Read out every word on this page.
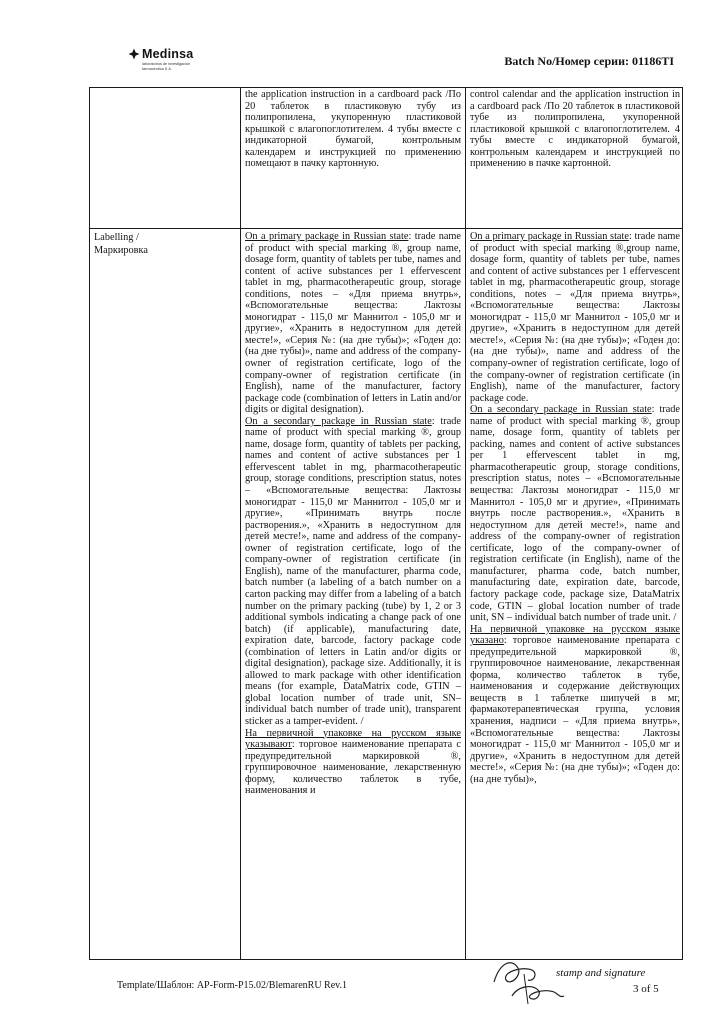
Medinsa
laboratorios de investigación farmacéutica S.A.
Batch No/Номер серии: 01186TI

the application instruction in a cardboard pack /По 20 таблеток в пластиковую тубу из полипропилена, укупоренную пластиковой крышкой с влагопоглотителем. 4 тубы вместе с индикаторной бумагой, контрольным календарем и инструкцией по применению помещают в пачку картонную.

control calendar and the application instruction in a cardboard pack /По 20 таблеток в пластиковой тубе из полипропилена, укупоренной пластиковой крышкой с влагопоглотителем. 4 тубы вместе с индикаторной бумагой, контрольным календарем и инструкцией по применению в пачке картонной.

Labelling /
Маркировка

On a primary package in Russian state: trade name of product with special marking ®, group name, dosage form, quantity of tablets per tube, names and content of active substances per 1 effervescent tablet in mg, pharmacotherapeutic group, storage conditions, notes – «Для приема внутрь», «Вспомогательные вещества: Лактозы моногидрат - 115,0 мг Маннитол - 105,0 мг и другие», «Хранить в недоступном для детей месте!», «Серия №: (на дне тубы)»; «Годен до: (на дне тубы)», name and address of the company-owner of registration certificate, logo of the company-owner of registration certificate (in English), name of the manufacturer, factory package code (combination of letters in Latin and/or digits or digital designation).

On a secondary package in Russian state: trade name of product with special marking ®, group name, dosage form, quantity of tablets per packing, names and content of active substances per 1 effervescent tablet in mg, pharmacotherapeutic group, storage conditions, prescription status, notes – «Вспомогательные вещества: Лактозы моногидрат - 115,0 мг Маннитол - 105,0 мг и другие», «Принимать внутрь после растворения.», «Хранить в недоступном для детей месте!», name and address of the company-owner of registration certificate, logo of the company-owner of registration certificate (in English), name of the manufacturer, pharma code, batch number (a labeling of a batch number on a carton packing may differ from a labeling of a batch number on the primary packing (tube) by 1, 2 or 3 additional symbols indicating a change pack of one batch) (if applicable), manufacturing date, expiration date, barcode, factory package code (combination of letters in Latin and/or digits or digital designation), package size. Additionally, it is allowed to mark package with other identification means (for example, DataMatrix code, GTIN – global location number of trade unit, SN– individual batch number of trade unit), transparent sticker as a tamper-evident. /

На первичной упаковке на русском языке указывают: торговое наименование препарата с предупредительной маркировкой ®, группировочное наименование, лекарственную форму, количество таблеток в тубе, наименования и

On a primary package in Russian state: trade name of product with special marking ®,group name, dosage form, quantity of tablets per tube, names and content of active substances per 1 effervescent tablet in mg, pharmacotherapeutic group, storage conditions, notes – «Для приема внутрь», «Вспомогательные вещества: Лактозы моногидрат - 115,0 мг Маннитол - 105,0 мг и другие», «Хранить в недоступном для детей месте!», «Серия №: (на дне тубы)»; «Годен до: (на дне тубы)», name and address of the company-owner of registration certificate, logo of the company-owner of registration certificate (in English), name of the manufacturer, factory package code.

On a secondary package in Russian state: trade name of product with special marking ®, group name, dosage form, quantity of tablets per packing, names and content of active substances per 1 effervescent tablet in mg, pharmacotherapeutic group, storage conditions, prescription status, notes – «Вспомогательные вещества: Лактозы моногидрат - 115,0 мг Маннитол - 105,0 мг и другие», «Принимать внутрь после растворения.», «Хранить в недоступном для детей месте!», name and address of the company-owner of registration certificate, logo of the company-owner of registration certificate (in English), name of the manufacturer, pharma code, batch number, manufacturing date, expiration date, barcode, factory package code, package size, DataMatrix code, GTIN – global location number of trade unit, SN – individual batch number of trade unit. /

На первичной упаковке на русском языке указано: торговое наименование препарата с предупредительной маркировкой ®, группировочное наименование, лекарственная форма, количество таблеток в тубе, наименования и содержание действующих веществ в 1 таблетке шипучей в мг, фармакотерапевтическая группа, условия хранения, надписи – «Для приема внутрь», «Вспомогательные вещества: Лактозы моногидрат - 115,0 мг Маннитол - 105,0 мг и другие», «Хранить в недоступном для детей месте!», «Серия №: (на дне тубы)»; «Годен до: (на дне тубы)»,

Template/Шаблон: AP-Form-P15.02/BlemarenRU Rev.1
stamp and signature
3 of 5
